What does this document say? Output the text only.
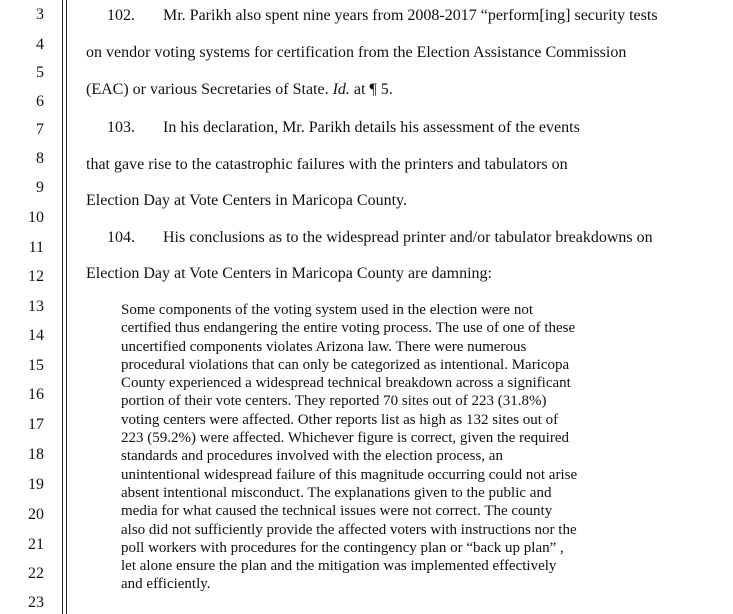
3
4
5
6
7
8
9
10
11
12
13
14
15
16
17
18
19
20
21
22
23
102. Mr. Parikh also spent nine years from 2008-2017 “perform[ing] security tests
on vendor voting systems for certification from the Election Assistance Commission
(EAC) or various Secretaries of State. Id. at ¶ 5.
103. In his declaration, Mr. Parikh details his assessment of the events
that gave rise to the catastrophic failures with the printers and tabulators on
Election Day at Vote Centers in Maricopa County.
104. His conclusions as to the widespread printer and/or tabulator breakdowns on
Election Day at Vote Centers in Maricopa County are damning:
Some components of the voting system used in the election were not
certified thus endangering the entire voting process. The use of one of these
uncertified components violates Arizona law. There were numerous
procedural violations that can only be categorized as intentional. Maricopa
County experienced a widespread technical breakdown across a significant
portion of their vote centers. They reported 70 sites out of 223 (31.8%)
voting centers were affected. Other reports list as high as 132 sites out of
223 (59.2%) were affected. Whichever figure is correct, given the required
standards and procedures involved with the election process, an
unintentional widespread failure of this magnitude occurring could not arise
absent intentional misconduct. The explanations given to the public and
media for what caused the technical issues were not correct. The county
also did not sufficiently provide the affected voters with instructions nor the
poll workers with procedures for the contingency plan or “back up plan” ,
let alone ensure the plan and the mitigation was implemented effectively
and efficiently.
